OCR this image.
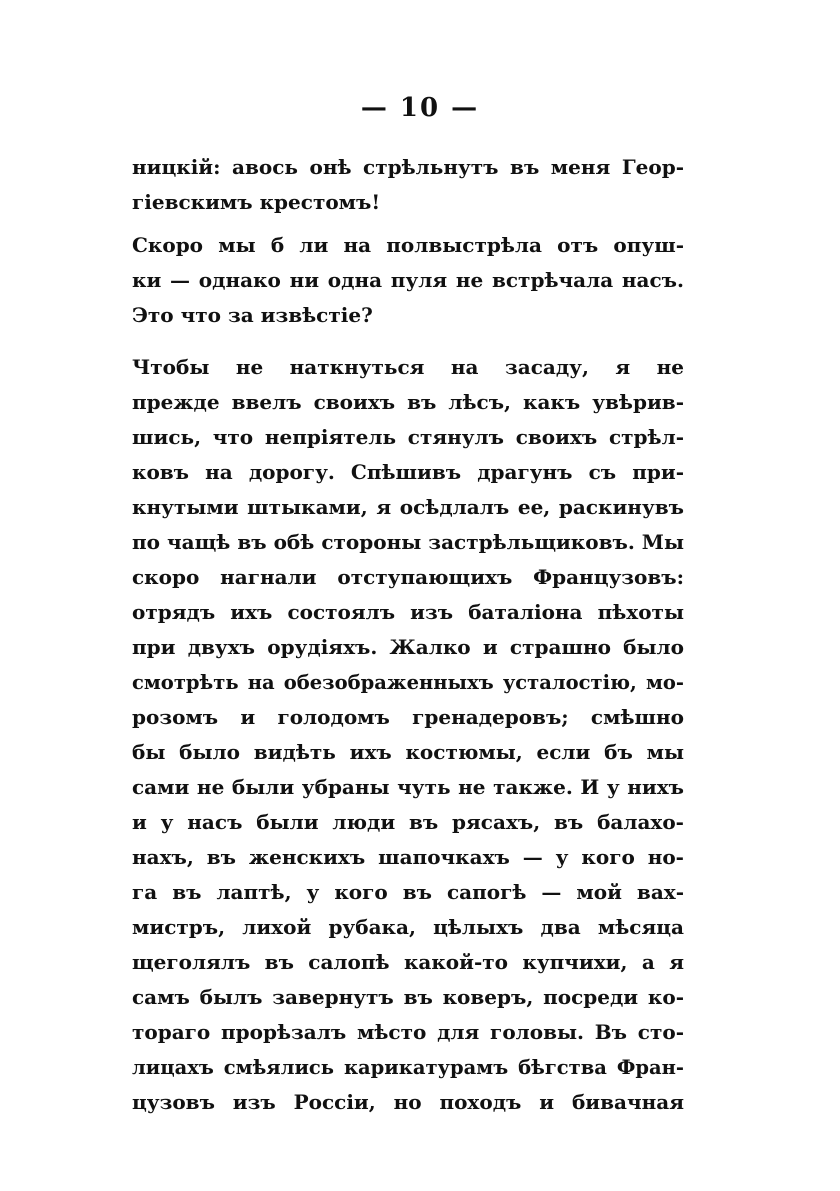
— 10 —
ницкій: авось онѣ стрѣльнутъ въ меня Геор-
гіевскимъ крестомъ!
Скоро мы б ли на полвыстрѣла отъ опуш-
ки — однако ни одна пуля не встрѣчала насъ.
Это что за извѣстіе?
Чтобы не наткнуться на засаду, я не
прежде ввелъ своихъ въ лѣсъ, какъ увѣрив-
шись, что непріятель стянулъ своихъ стрѣл-
ковъ на дорогу. Спѣшивъ драгунъ съ при-
кнутыми штыками, я осѣдлалъ ее, раскинувъ
по чащѣ въ обѣ стороны застрѣльщиковъ. Мы
скоро нагнали отступающихъ Французовъ:
отрядъ ихъ состоялъ изъ баталіона пѣхоты
при двухъ орудіяхъ. Жалко и страшно было
смотрѣть на обезображенныхъ усталостію, мо-
розомъ и голодомъ гренадеровъ; смѣшно
бы было видѣть ихъ костюмы, если бъ мы
сами не были убраны чуть не также. И у нихъ
и у насъ были люди въ рясахъ, въ балахо-
нахъ, въ женскихъ шапочкахъ — у кого но-
га въ лаптѣ, у кого въ сапогѣ — мой вах-
мистръ, лихой рубака, цѣлыхъ два мѣсяца
щеголялъ въ салопѣ какой-то купчихи, а я
самъ былъ завернутъ въ коверъ, посреди ко-
тораго прорѣзалъ мѣсто для головы. Въ сто-
лицахъ смѣялись карикатурамъ бѣгства Фран-
цузовъ изъ Россіи, но походъ и бивачная
